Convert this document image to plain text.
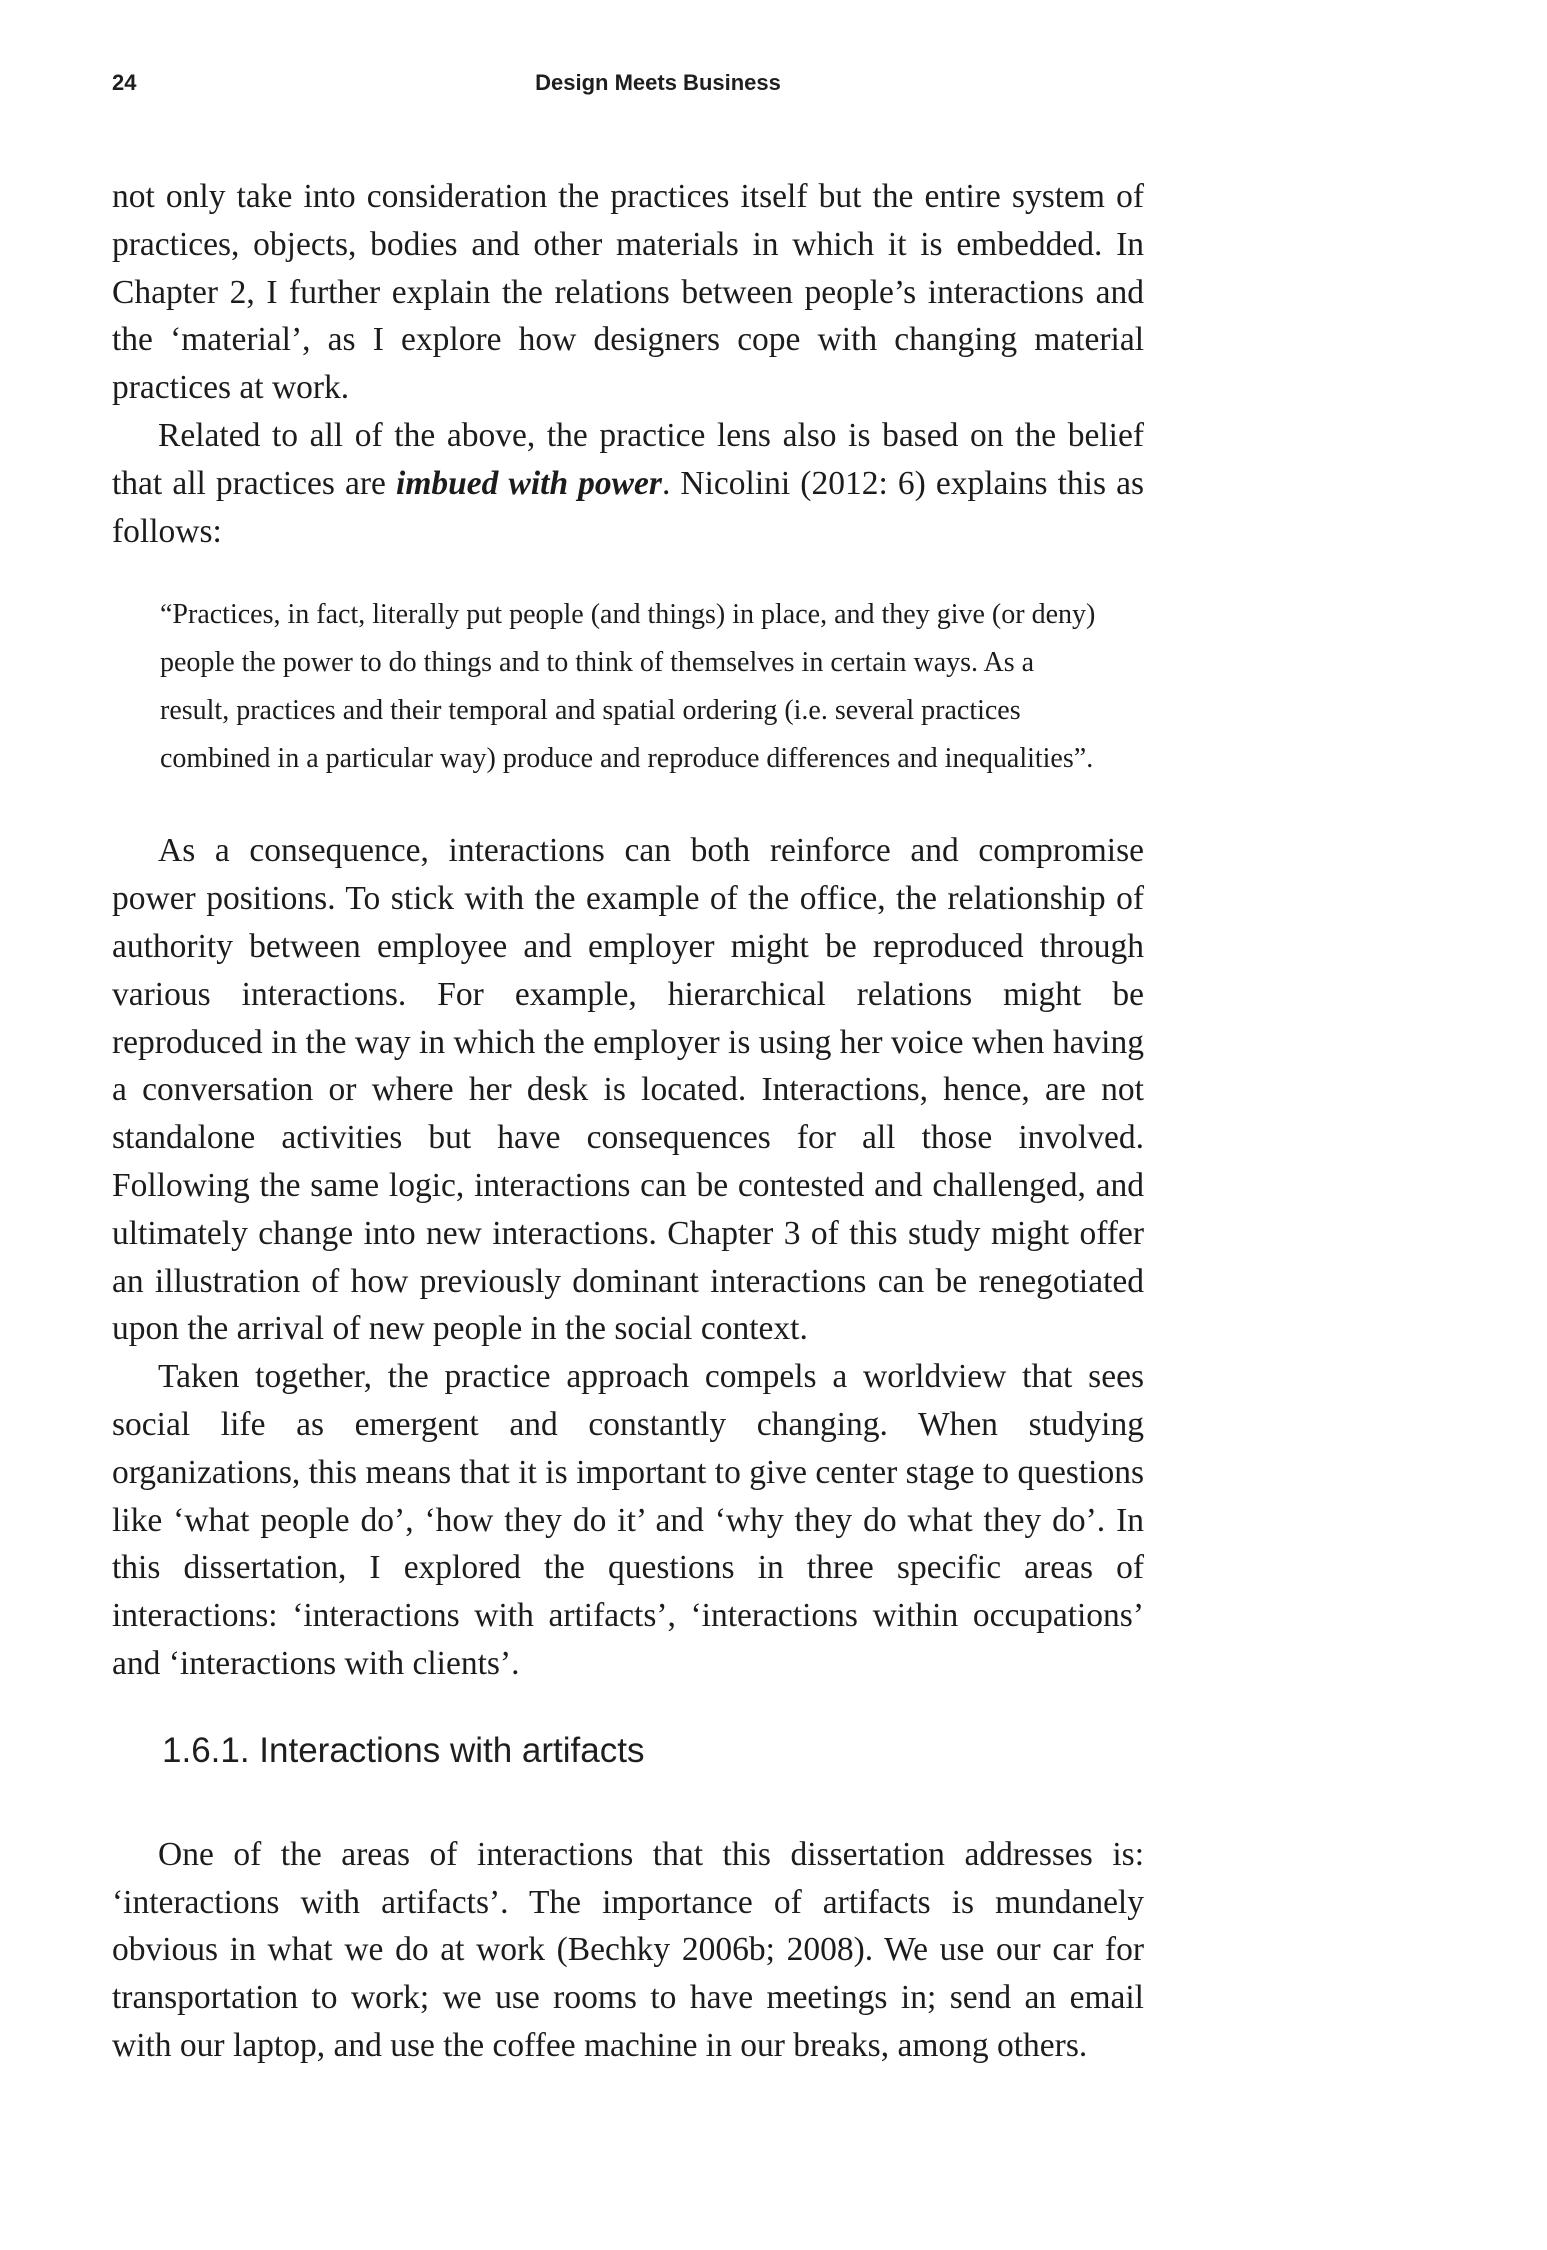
24	Design Meets Business

not only take into consideration the practices itself but the entire system of practices, objects, bodies and other materials in which it is embedded. In Chapter 2, I further explain the relations between people’s interactions and the ‘material’, as I explore how designers cope with changing material practices at work.

Related to all of the above, the practice lens also is based on the belief that all practices are imbued with power. Nicolini (2012: 6) explains this as follows:

“Practices, in fact, literally put people (and things) in place, and they give (or deny) people the power to do things and to think of themselves in certain ways. As a result, practices and their temporal and spatial ordering (i.e. several practices combined in a particular way) produce and reproduce differences and inequalities”.

As a consequence, interactions can both reinforce and compromise power positions. To stick with the example of the office, the relationship of authority between employee and employer might be reproduced through various interactions. For example, hierarchical relations might be reproduced in the way in which the employer is using her voice when having a conversation or where her desk is located. Interactions, hence, are not standalone activities but have consequences for all those involved. Following the same logic, interactions can be contested and challenged, and ultimately change into new interactions. Chapter 3 of this study might offer an illustration of how previously dominant interactions can be renegotiated upon the arrival of new people in the social context.

Taken together, the practice approach compels a worldview that sees social life as emergent and constantly changing. When studying organizations, this means that it is important to give center stage to questions like ‘what people do’, ‘how they do it’ and ‘why they do what they do’. In this dissertation, I explored the questions in three specific areas of interactions: ‘interactions with artifacts’, ‘interactions within occupations’ and ‘interactions with clients’.

1.6.1. Interactions with artifacts

One of the areas of interactions that this dissertation addresses is: ‘interactions with artifacts’. The importance of artifacts is mundanely obvious in what we do at work (Bechky 2006b; 2008). We use our car for transportation to work; we use rooms to have meetings in; send an email with our laptop, and use the coffee machine in our breaks, among others.
